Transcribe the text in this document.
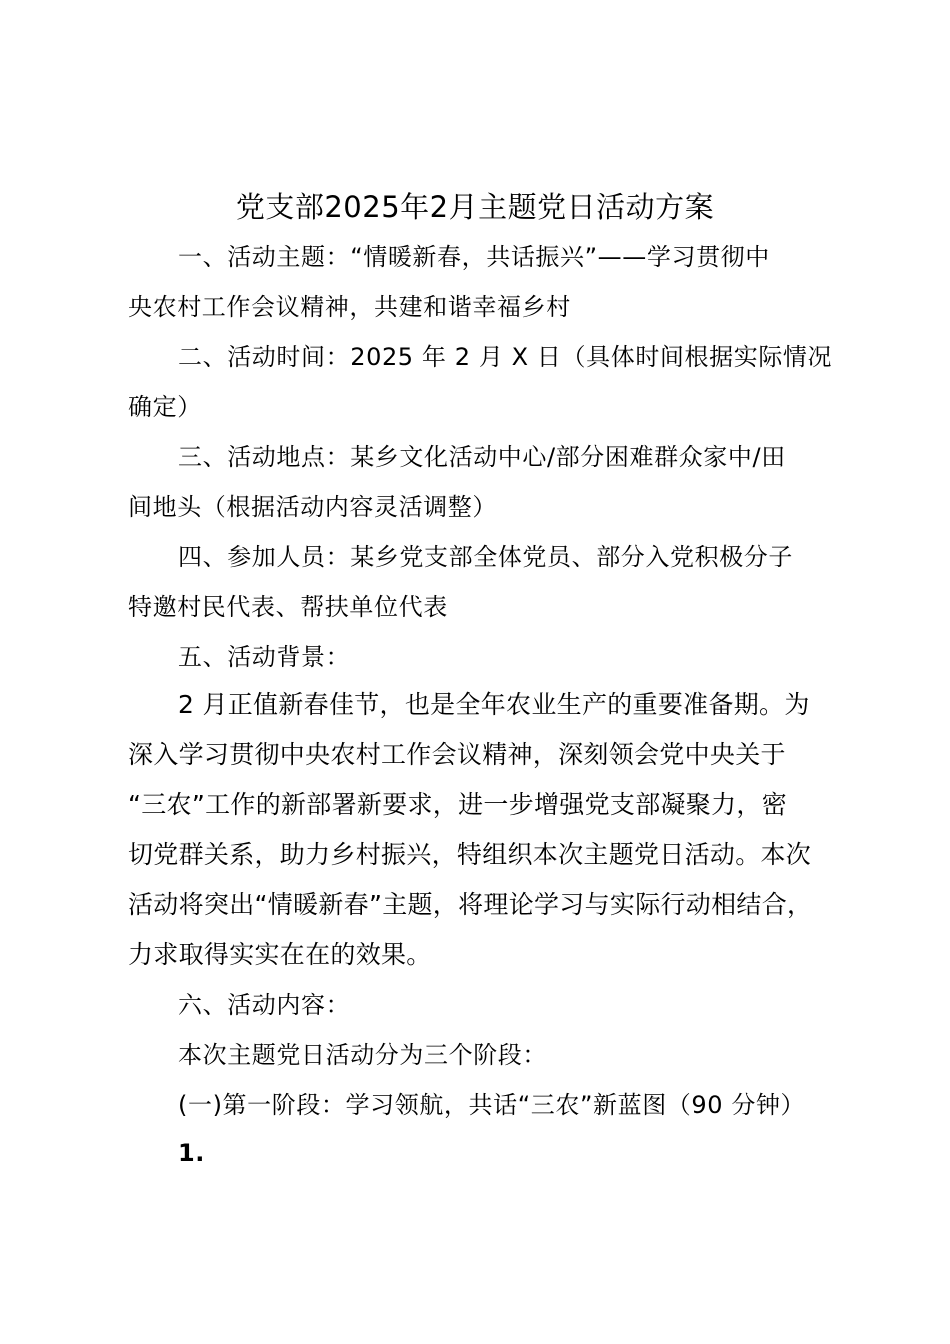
党支部2025年2月主题党日活动方案
一、活动主题：“情暖新春，共话振兴”——学习贯彻中
央农村工作会议精神，共建和谐幸福乡村
二、活动时间：2025 年 2 月 X 日（具体时间根据实际情况
确定）
三、活动地点：某乡文化活动中心/部分困难群众家中/田
间地头（根据活动内容灵活调整）
四、参加人员：某乡党支部全体党员、部分入党积极分子
特邀村民代表、帮扶单位代表
五、活动背景：
2 月正值新春佳节，也是全年农业生产的重要准备期。为
深入学习贯彻中央农村工作会议精神，深刻领会党中央关于
“三农”工作的新部署新要求，进一步增强党支部凝聚力，密
切党群关系，助力乡村振兴，特组织本次主题党日活动。本次
活动将突出“情暖新春”主题，将理论学习与实际行动相结合，
力求取得实实在在的效果。
六、活动内容：
本次主题党日活动分为三个阶段：
(一)第一阶段：学习领航，共话“三农”新蓝图（90 分钟）
1.
